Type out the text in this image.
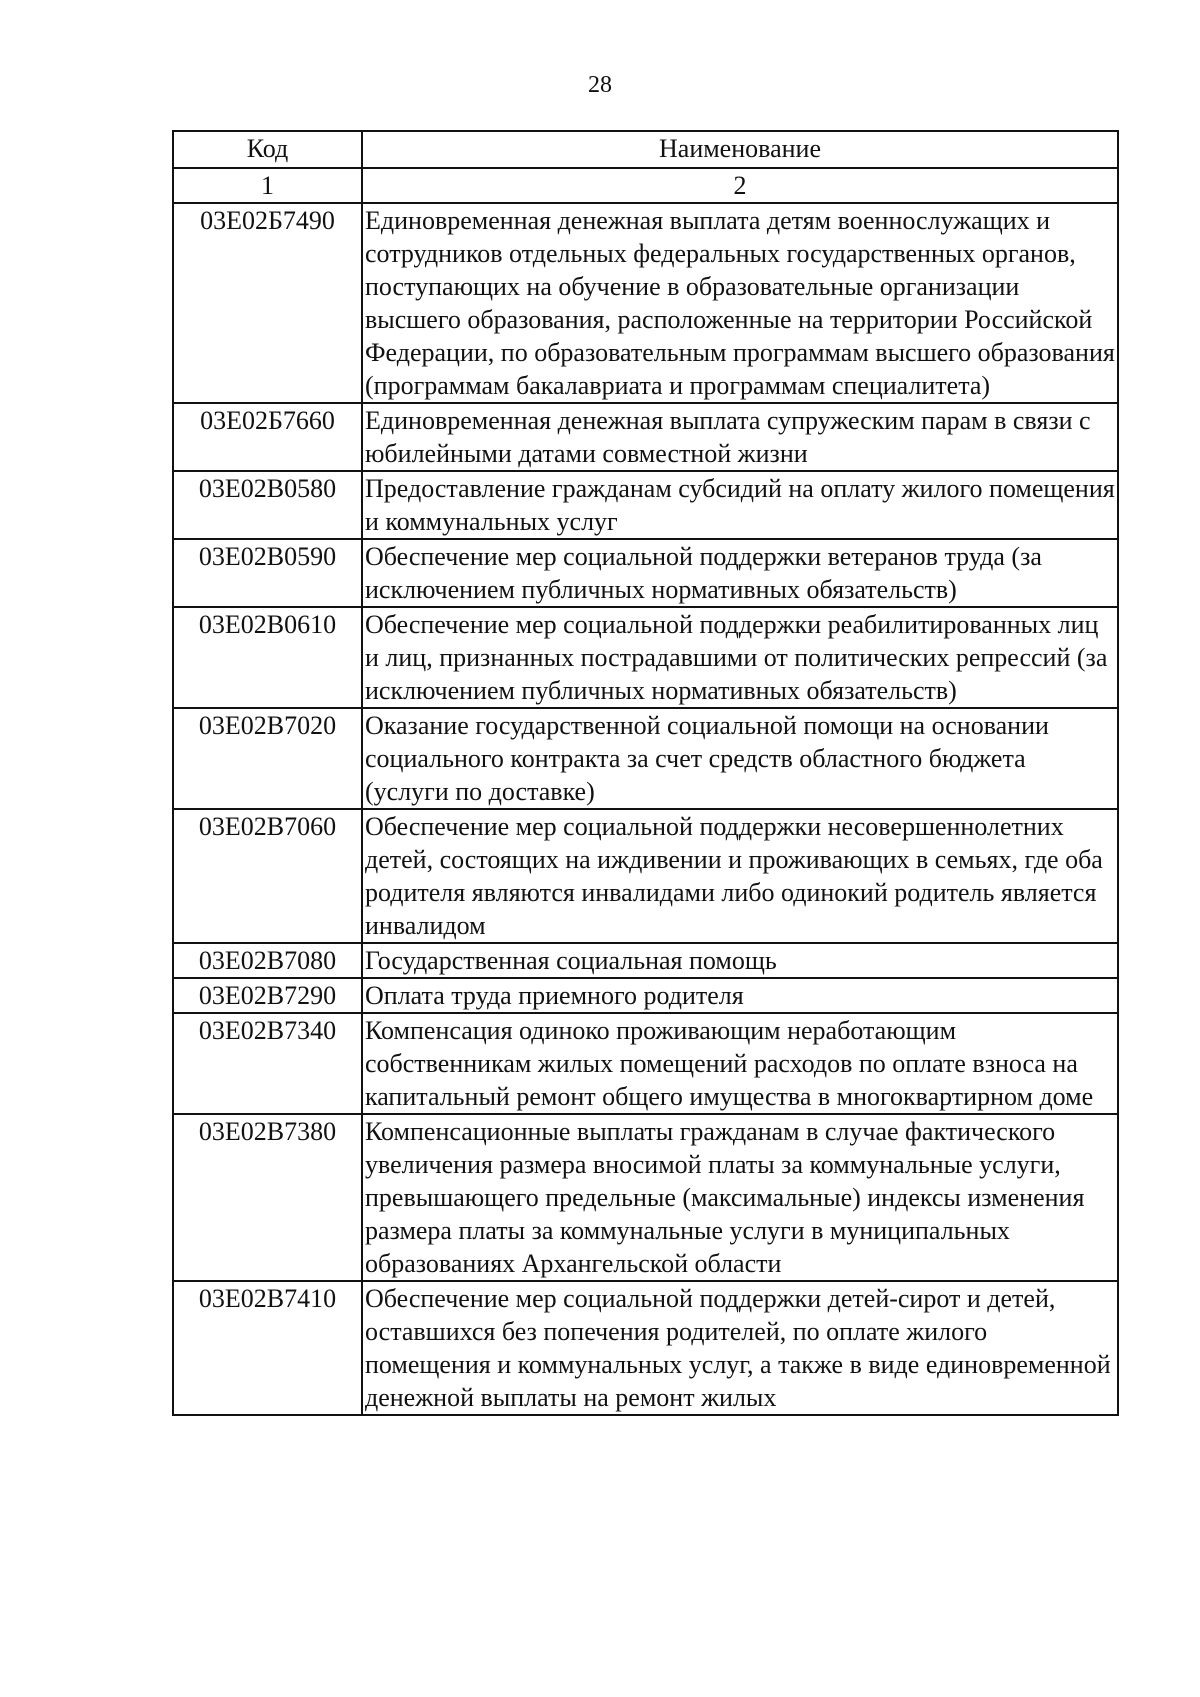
28
Код	Наименование
1	2
03Е02Б7490	Единовременная денежная выплата детям военнослужащих и сотрудников отдельных федеральных государственных органов, поступающих на обучение в образовательные организации высшего образования, расположенные на территории Российской Федерации, по образовательным программам высшего образования (программам бакалавриата и программам специалитета)
03Е02Б7660	Единовременная денежная выплата супружеским парам в связи с юбилейными датами совместной жизни
03Е02В0580	Предоставление гражданам субсидий на оплату жилого помещения и коммунальных услуг
03Е02В0590	Обеспечение мер социальной поддержки ветеранов труда (за исключением публичных нормативных обязательств)
03Е02В0610	Обеспечение мер социальной поддержки реабилитированных лиц и лиц, признанных пострадавшими от политических репрессий (за исключением публичных нормативных обязательств)
03Е02В7020	Оказание государственной социальной помощи на основании социального контракта за счет средств областного бюджета (услуги по доставке)
03Е02В7060	Обеспечение мер социальной поддержки несовершеннолетних детей, состоящих на иждивении и проживающих в семьях, где оба родителя являются инвалидами либо одинокий родитель является инвалидом
03Е02В7080	Государственная социальная помощь
03Е02В7290	Оплата труда приемного родителя
03Е02В7340	Компенсация одиноко проживающим неработающим собственникам жилых помещений расходов по оплате взноса на капитальный ремонт общего имущества в многоквартирном доме
03Е02В7380	Компенсационные выплаты гражданам в случае фактического увеличения размера вносимой платы за коммунальные услуги, превышающего предельные (максимальные) индексы изменения размера платы за коммунальные услуги в муниципальных образованиях Архангельской области
03Е02В7410	Обеспечение мер социальной поддержки детей-сирот и детей, оставшихся без попечения родителей, по оплате жилого помещения и коммунальных услуг, а также в виде единовременной денежной выплаты на ремонт жилых
